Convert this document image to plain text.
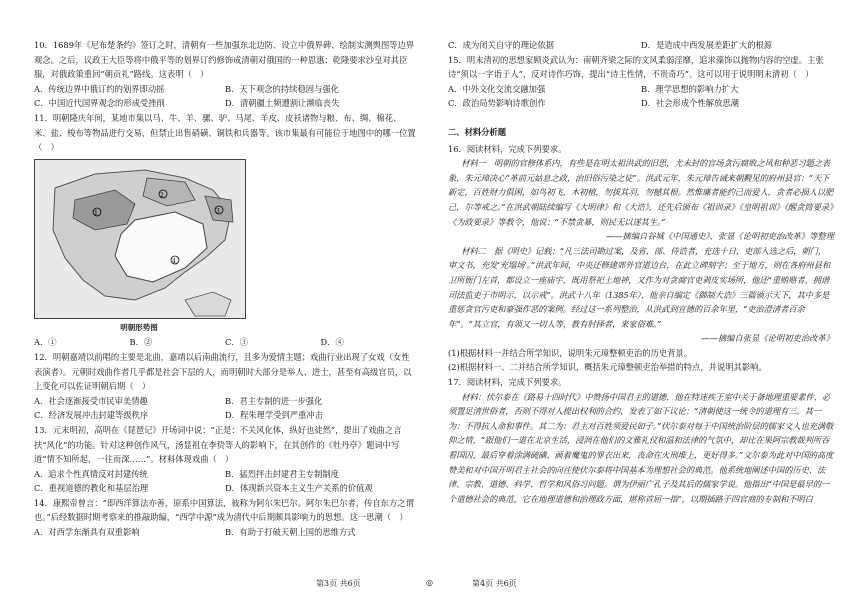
10．1689年《尼布楚条约》签订之时，清朝有一些加强东北边防、设立中俄界碑、绘制实测舆图等边界观念。之后，议政王大臣等将中俄平等的划界订约修饰成清朝对俄国的一种恩惠；乾隆要求沙皇对其臣服，对俄政策重回“朝贡礼”路线。这表明（　）

A．传统边界中俄订约的划界即动摇	B．天下观念的持续稳固与强化
C．中国近代国界观念的形成受挫削	D．清朝疆土频遭割让濒临丧失

11．明朝隆庆年间，某地市集以马、牛、羊、骡、驴、马尾、羊皮、皮袄诸物与粮、布、绸、棉花、米、盐、梭布等物品进行交易，但禁止出售硝磺、铜铁和兵器等。该市集最有可能位于地图中的哪一位置（　）

1
2
3
4
明朝形势图
A．①	B．②	C．③	D．④

12．明朝嘉靖以前唱的主要是北曲，嘉靖以后南曲流行，且多为爱情主题；戏曲行业出现了女戏（女性表演者）。元朝时戏曲作者几乎都是社会下层的人，而明朝时大部分是举人、进士，甚至有高级官员，以上变化可以佐证明朝后期（　）

A．社会逐渐接受市民审美情趣	B．君主专制的进一步强化
C．经济发展冲击封建等级秩序	D．程朱理学受到严重冲击

13．元末明初，高明在《琵琶记》开场词中说：“正是：不关风化体，纵好也徒然”，提出了戏曲之言扶“风化”的功能。针对这种创作风气，汤显祖在李贽等人的影响下，在其创作的《牡丹亭》题词中写道“情不知所起，一往而深……”。材料体现戏曲（　）

A．追求个性真情反对封建传统	B．猛烈抨击封建君主专制制度
C．重视道德的教化和基层治理	D．体现新兴资本主义生产关系的价值观

14．康熙帝曾言：“即西洋算法亦善，原系中国算法，彼称为阿尔朱巴尔。阿尔朱巴尔者，传自东方之谓也。”后经数据时期考察来的推敲助编，“西学中源”成为清代中后期颇具影响力的思想。这一思潮（　）

A．对西学东渐具有双重影响	B．有助于打破天朝上国的思维方式
C．成为闭关自守的理论依据	D．是造成中西发展差距扩大的根源

15．明末清初的思想家顾炎武认为：南朝齐梁之际的文风柔弱淫靡，追求藻饰以抛物内容的空虚。主张诗“须以一字诣于人”，反对诗作巧饰，提出“诗主性情，不贵奇巧”。这可以用于说明明末清初（　）

A．中外文化交流交融加强	B．理学思想的影响力扩大
C．政治局势影响诗歌创作	D．社会形成个性解放思潮

二、材料分析题

16．阅读材料，完成下列要求。

材料一　明朝的官修体系内，有些是在明太祖洪武的旧思，尤未封的官场贪污腐败之风和种恶习题之表象，朱元璋决心“革前元姑息之政，治旧俗污染之徒”。洪武元年，朱元璋告诫来朝觐见的府州县官：“天下新定，百姓财力俱困，如鸟初飞，木初植，勿拔其羽，勿撼其根。然惟廉者能约己而爱人，贪者必损人以肥己，尔等戒之。”在洪武朝陆续编写《大明律》和《大诰》，还先后颁布《祖训录》《皇明祖训》《醒贪简要录》《为政要录》等教令，他说：“不禁贪暴，则民无以遂其生。”

——摘编自谷城《中国通史》、张显《论明初吏治改革》等整理

材料二　据《明史》记载：“凡三法司勘过案，及省、部、侍诰者，充选十日，吏部入选之后，朝门，审文书，充发‘充塌场’。”洪武年间，中央还修建郊外官道边台，在此立碑刻字；至于地方，则在各府州县和卫所衙门左首，都设立一座庙宇，既用祭祀土地神，又作为对贪腐官吏剥皮实场所，他还“重贿赂者，拥谱司法监吏于市明示，以示戒”。洪武十八年（1385年），他亲自编定《御制大诰》三篇颁示天下，其中多是重惩贪官污吏和豪强作恶的案例。经过这一系列整治，从洪武到宣德的百余年里，“吏治澄清者百余年”。“其立官，有领又一切人等，教有肘择者，来家俗难。”

——摘编自张显《论明初吏治改革》

(1)根据材料一并结合所学知识，说明朱元璋整顿吏治的历史背景。

(2)根据材料一、二并结合所学知识，概括朱元璋整顿吏治举措的特点，并说明其影响。

17．阅读材料，完成下列要求。

材料：伏尔泰在《路易十四时代》中赞扬中国君主的道德，他在特迷疾王室中关于备地理重要素件，必须置足清世俗者，否则不得对人提出权利的合约，发表了如下议论：“清朝使这一统令的道理有三。其一为：不得抗人命和事件。其二为：君主对百姓须爱民如子。”伏尔泰对每于中国统治阶层的儒家文人也充满敬仰之情，“跟他们一道在北京生活，浸润在他们的文雅礼仪和温和法律的气氛中，却比在果阿宗教裁判所吞看国囚，最后穿着涂满硫磺、画着魔鬼的罪衣出来，丧命在火刑堆上，更好得多。”文尔泰为此对中国的高度赞美和对中国开明君主社会的向往使伏尔泰将中国基本为理想社会的典范。他系统地阐述中国的历史、法律、宗教、道德、科学、哲学和风俗习问题。谓为伊丽广孔子及其后的儒家学说。他指出“中国是最早的一个道德社会的典范，它在地理道德和治理政方面，堪称首屈一指”，以期插路于四官商的专制和不明白

第3页 共6页	◎	第4页 共6页
